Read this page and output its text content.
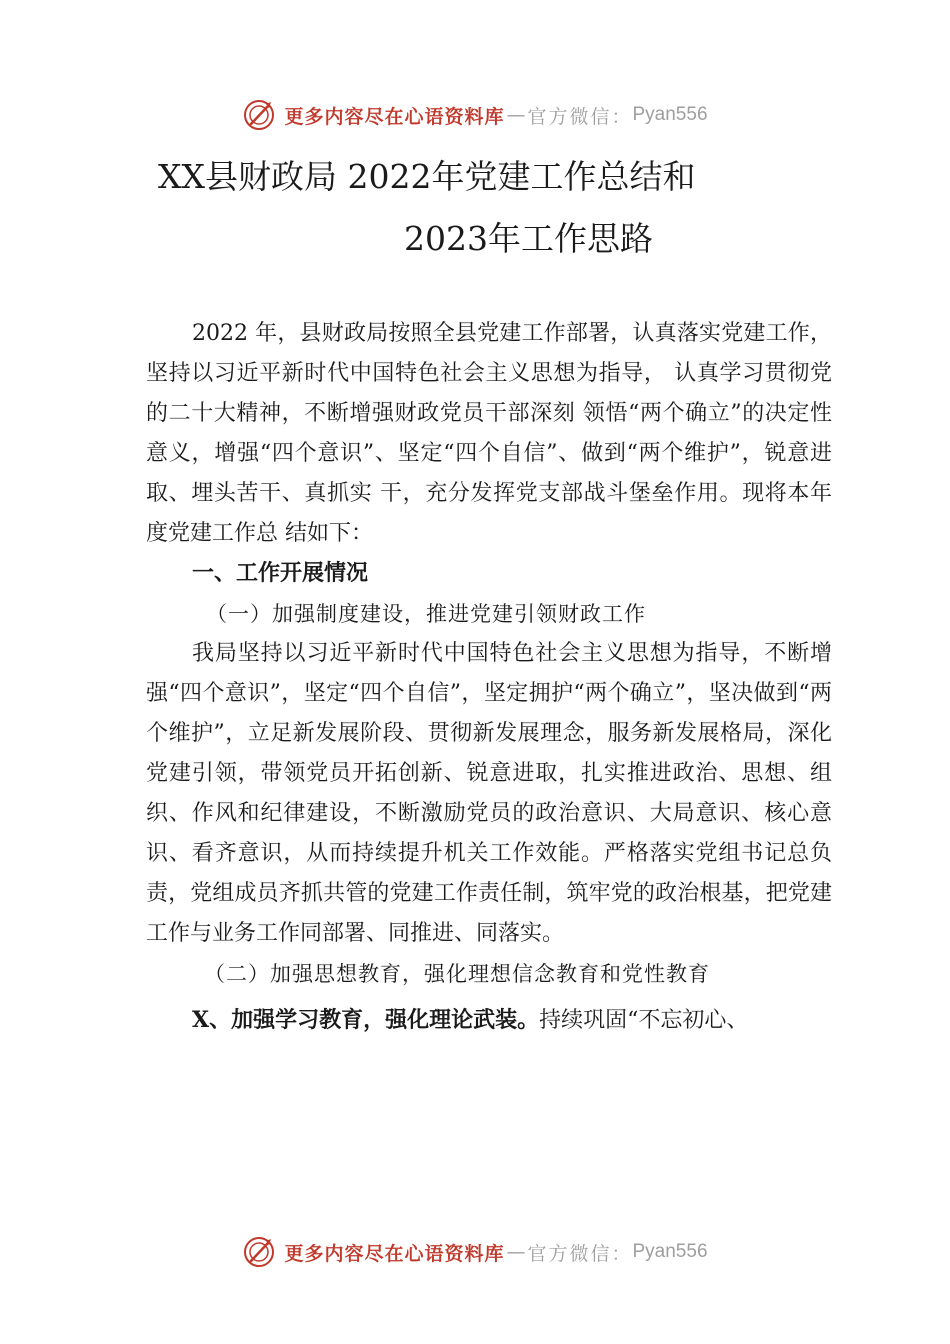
更多内容尽在心语资料库 — 官方微信： Pyan556
XX县财政局 2022年党建工作总结和
2023年工作思路

2022 年，县财政局按照全县党建工作部署，认真落实党建工作，坚持以习近平新时代中国特色社会主义思想为指导， 认真学习贯彻党的二十大精神，不断增强财政党员干部深刻 领悟“两个确立”的决定性意义，增强“四个意识”、坚定“四个自信”、做到“两个维护”，锐意进取、埋头苦干、真抓实 干，充分发挥党支部战斗堡垒作用。现将本年度党建工作总 结如下：

一、工作开展情况

（一）加强制度建设，推进党建引领财政工作

我局坚持以习近平新时代中国特色社会主义思想为指导，不断增强“四个意识”，坚定“四个自信”，坚定拥护“两个确立”，坚决做到“两个维护”，立足新发展阶段、贯彻新发展理念，服务新发展格局，深化党建引领，带领党员开拓创新、锐意进取，扎实推进政治、思想、组织、作风和纪律建设，不断激励党员的政治意识、大局意识、核心意识、看齐意识，从而持续提升机关工作效能。严格落实党组书记总负责，党组成员齐抓共管的党建工作责任制，筑牢党的政治根基，把党建工作与业务工作同部署、同推进、同落实。

（二）加强思想教育，强化理想信念教育和党性教育

X、加强学习教育，强化理论武装。持续巩固“不忘初心、

更多内容尽在心语资料库 — 官方微信： Pyan556
